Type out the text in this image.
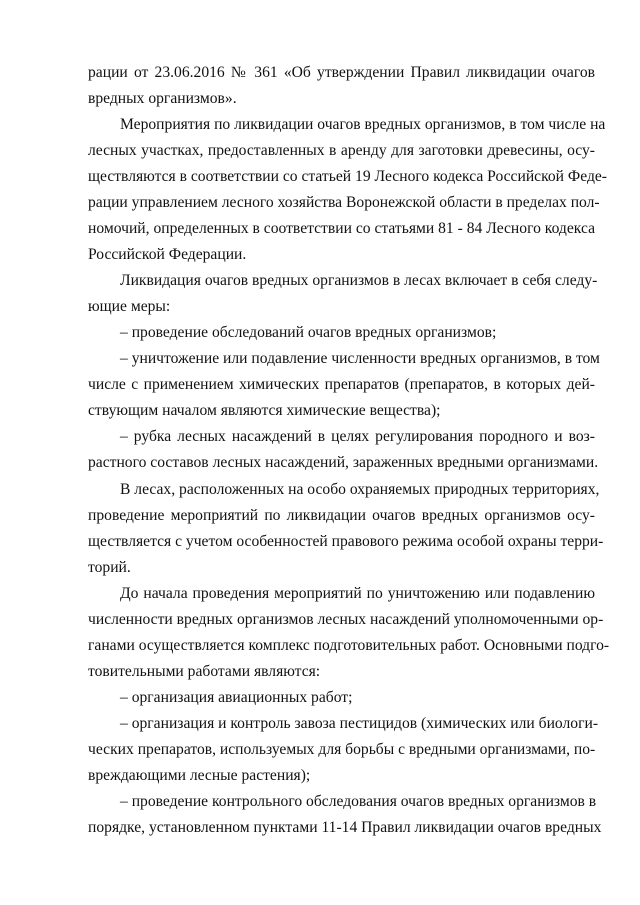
рации от 23.06.2016 № 361 «Об утверждении Правил ликвидации очагов
вредных организмов».
Мероприятия по ликвидации очагов вредных организмов, в том числе на
лесных участках, предоставленных в аренду для заготовки древесины, осу-
ществляются в соответствии со статьей 19 Лесного кодекса Российской Феде-
рации управлением лесного хозяйства Воронежской области в пределах пол-
номочий, определенных в соответствии со статьями 81 - 84 Лесного кодекса
Российской Федерации.
Ликвидация очагов вредных организмов в лесах включает в себя следу-
ющие меры:
– проведение обследований очагов вредных организмов;
– уничтожение или подавление численности вредных организмов, в том
числе с применением химических препаратов (препаратов, в которых дей-
ствующим началом являются химические вещества);
– рубка лесных насаждений в целях регулирования породного и воз-
растного составов лесных насаждений, зараженных вредными организмами.
В лесах, расположенных на особо охраняемых природных территориях,
проведение мероприятий по ликвидации очагов вредных организмов осу-
ществляется с учетом особенностей правового режима особой охраны терри-
торий.
До начала проведения мероприятий по уничтожению или подавлению
численности вредных организмов лесных насаждений уполномоченными ор-
ганами осуществляется комплекс подготовительных работ. Основными подго-
товительными работами являются:
– организация авиационных работ;
– организация и контроль завоза пестицидов (химических или биологи-
ческих препаратов, используемых для борьбы с вредными организмами, по-
вреждающими лесные растения);
– проведение контрольного обследования очагов вредных организмов в
порядке, установленном пунктами 11-14 Правил ликвидации очагов вредных
